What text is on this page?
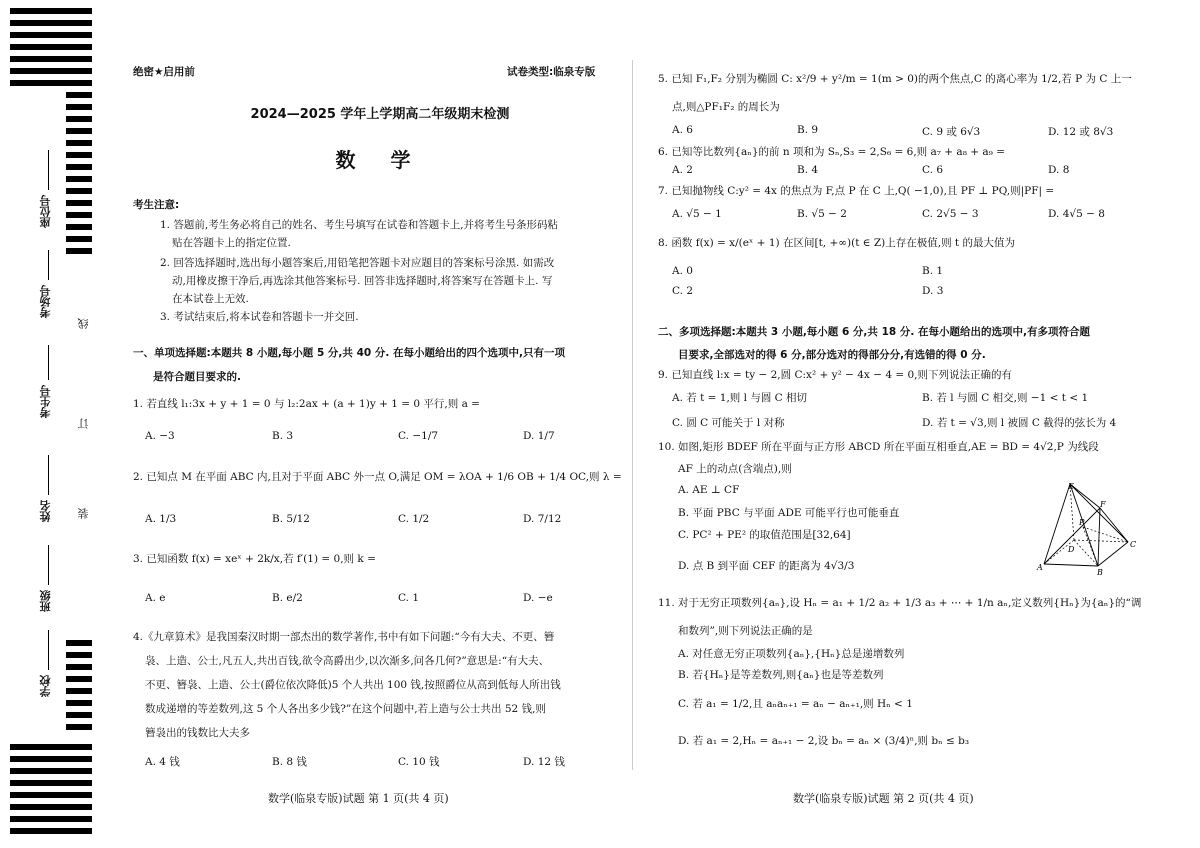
座位号
考场号
考生号
姓名
班级
学校
线
订
装
绝密★启用前	试卷类型:临泉专版
2024—2025 学年上学期高二年级期末检测
数 学
考生注意:
1. 答题前,考生务必将自己的姓名、考生号填写在试卷和答题卡上,并将考生号条形码粘
贴在答题卡上的指定位置.
2. 回答选择题时,选出每小题答案后,用铅笔把答题卡对应题目的答案标号涂黑. 如需改
动,用橡皮擦干净后,再选涂其他答案标号. 回答非选择题时,将答案写在答题卡上. 写
在本试卷上无效.
3. 考试结束后,将本试卷和答题卡一并交回.
一、单项选择题:本题共 8 小题,每小题 5 分,共 40 分. 在每小题给出的四个选项中,只有一项
是符合题目要求的.
1. 若直线 l₁:3x + y + 1 = 0 与 l₂:2ax + (a + 1)y + 1 = 0 平行,则 a =
A. −3	B. 3	C. −1/7	D. 1/7
2. 已知点 M 在平面 ABC 内,且对于平面 ABC 外一点 O,满足 OM = λOA + 1/6 OB + 1/4 OC,则 λ =
A. 1/3	B. 5/12	C. 1/2	D. 7/12
3. 已知函数 f(x) = xeˣ + 2k/x,若 f′(1) = 0,则 k =
A. e	B. e/2	C. 1	D. −e
4.《九章算术》是我国秦汉时期一部杰出的数学著作,书中有如下问题:“今有大夫、不更、簪
袅、上造、公士,凡五人,共出百钱,欲令高爵出少,以次渐多,问各几何?”意思是:“有大夫、
不更、簪袅、上造、公士(爵位依次降低)5 个人共出 100 钱,按照爵位从高到低每人所出钱
数成递增的等差数列,这 5 个人各出多少钱?”在这个问题中,若上造与公士共出 52 钱,则
簪袅出的钱数比大夫多
A. 4 钱	B. 8 钱	C. 10 钱	D. 12 钱
数学(临泉专版)试题 第 1 页(共 4 页)
5. 已知 F₁,F₂ 分别为椭圆 C: x²/9 + y²/m = 1(m > 0)的两个焦点,C 的离心率为 1/2,若 P 为 C 上一
点,则△PF₁F₂ 的周长为
A. 6	B. 9	C. 9 或 6√3	D. 12 或 8√3
6. 已知等比数列{aₙ}的前 n 项和为 Sₙ,S₃ = 2,S₆ = 6,则 a₇ + a₈ + a₉ =
A. 2	B. 4	C. 6	D. 8
7. 已知抛物线 C:y² = 4x 的焦点为 F,点 P 在 C 上,Q( −1,0),且 PF ⊥ PQ,则|PF| =
A. √5 − 1	B. √5 − 2	C. 2√5 − 3	D. 4√5 − 8
8. 函数 f(x) = x/(eˣ + 1) 在区间[t, +∞)(t ∈ Z)上存在极值,则 t 的最大值为
A. 0	B. 1
C. 2	D. 3
二、多项选择题:本题共 3 小题,每小题 6 分,共 18 分. 在每小题给出的选项中,有多项符合题
目要求,全部选对的得 6 分,部分选对的得部分分,有选错的得 0 分.
9. 已知直线 l:x = ty − 2,圆 C:x² + y² − 4x − 4 = 0,则下列说法正确的有
A. 若 t = 1,则 l 与圆 C 相切	B. 若 l 与圆 C 相交,则 −1 < t < 1
C. 圆 C 可能关于 l 对称	D. 若 t = √3,则 l 被圆 C 截得的弦长为 4
10. 如图,矩形 BDEF 所在平面与正方形 ABCD 所在平面互相垂直,AE = BD = 4√2,P 为线段
AF 上的动点(含端点),则
A. AE ⊥ CF
B. 平面 PBC 与平面 ADE 可能平行也可能垂直
C. PC² + PE² 的取值范围是[32,64]
D. 点 B 到平面 CEF 的距离为 4√3/3
E
F
A
B
C
D
P
11. 对于无穷正项数列{aₙ},设 Hₙ = a₁ + 1/2 a₂ + 1/3 a₃ + ⋯ + 1/n aₙ,定义数列{Hₙ}为{aₙ}的“调
和数列”,则下列说法正确的是
A. 对任意无穷正项数列{aₙ},{Hₙ}总是递增数列
B. 若{Hₙ}是等差数列,则{aₙ}也是等差数列
C. 若 a₁ = 1/2,且 aₙaₙ₊₁ = aₙ − aₙ₊₁,则 Hₙ < 1
D. 若 a₁ = 2,Hₙ = aₙ₊₁ − 2,设 bₙ = aₙ × (3/4)ⁿ,则 bₙ ≤ b₃
数学(临泉专版)试题 第 2 页(共 4 页)
